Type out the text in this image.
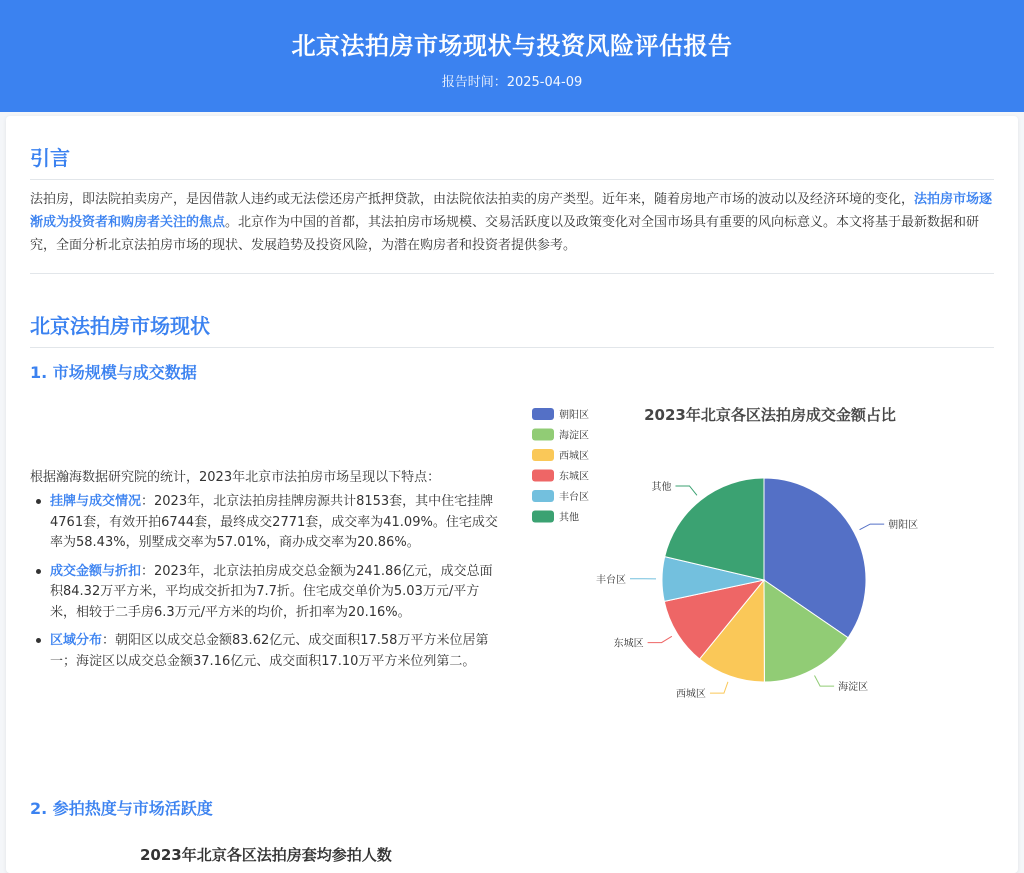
北京法拍房市场现状与投资风险评估报告
报告时间：2025-04-09
引言

法拍房，即法院拍卖房产，是因借款人违约或无法偿还房产抵押贷款，由法院依法拍卖的房产类型。近年来，随着房地产市场的波动以及经济环境的变化，法拍房市场逐渐成为投资者和购房者关注的焦点。北京作为中国的首都，其法拍房市场规模、交易活跃度以及政策变化对全国市场具有重要的风向标意义。本文将基于最新数据和研究，全面分析北京法拍房市场的现状、发展趋势及投资风险，为潜在购房者和投资者提供参考。

北京法拍房市场现状
1. 市场规模与成交数据

根据瀚海数据研究院的统计，2023年北京市法拍房市场呈现以下特点：

挂牌与成交情况：2023年，北京法拍房挂牌房源共计8153套，其中住宅挂牌4761套，有效开拍6744套，最终成交2771套，成交率为41.09%。住宅成交率为58.43%，别墅成交率为57.01%，商办成交率为20.86%。
成交金额与折扣：2023年，北京法拍房成交总金额为241.86亿元，成交总面积84.32万平方米，平均成交折扣为7.7折。住宅成交单价为5.03万元/平方米，相较于二手房6.3万元/平方米的均价，折扣率为20.16%。
区域分布：朝阳区以成交总金额83.62亿元、成交面积17.58万平方米位居第一；海淀区以成交总金额37.16亿元、成交面积17.10万平方米位列第二。
2023年北京各区法拍房成交金额占比
朝阳区
海淀区
西城区
东城区
丰台区
其他
朝阳区
海淀区
西城区
东城区
丰台区
其他
2. 参拍热度与市场活跃度

2023年北京各区法拍房套均参拍人数
